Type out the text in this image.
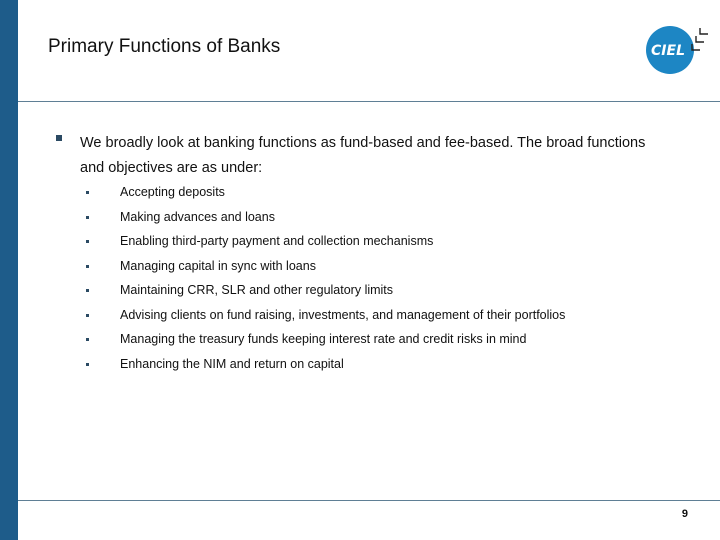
Primary Functions of Banks	CIEL

We broadly look at banking functions as fund-based and fee-based. The broad functions and objectives are as under:

Accepting deposits
Making advances and loans
Enabling third-party payment and collection mechanisms
Managing capital in sync with loans
Maintaining CRR, SLR and other regulatory limits
Advising clients on fund raising, investments, and management of their portfolios
Managing the treasury funds keeping interest rate and credit risks in mind
Enhancing the NIM and return on capital
9
